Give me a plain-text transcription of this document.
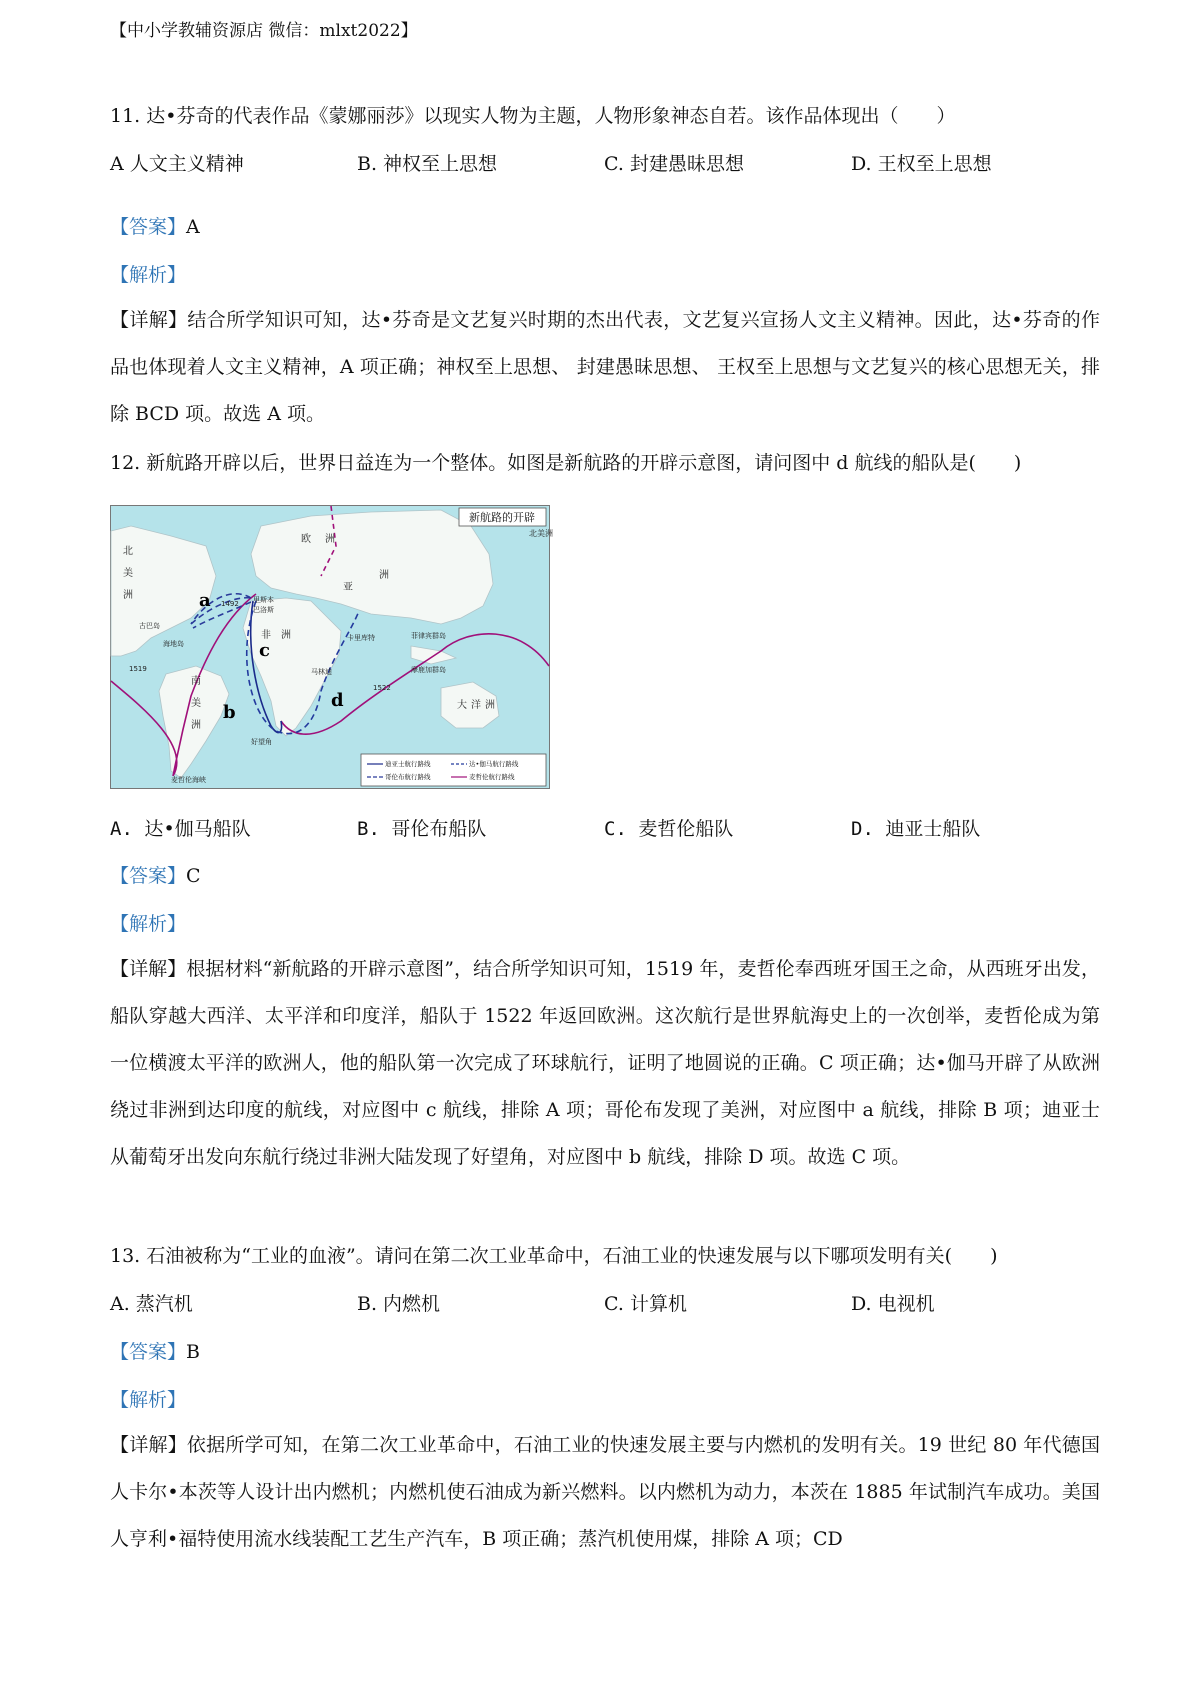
【中小学教辅资源店 微信：mlxt2022】
11. 达•芬奇的代表作品《蒙娜丽莎》以现实人物为主题，人物形象神态自若。该作品体现出（　　）
A 人文主义精神	B. 神权至上思想	C. 封建愚昧思想	D. 王权至上思想
【答案】A
【解析】
【详解】结合所学知识可知，达•芬奇是文艺复兴时期的杰出代表，文艺复兴宣扬人文主义精神。因此，达•芬奇的作品也体现着人文主义精神，A 项正确；神权至上思想、 封建愚昧思想、 王权至上思想与文艺复兴的核心思想无关，排除 BCD 项。故选 A 项。
12. 新航路开辟以后，世界日益连为一个整体。如图是新航路的开辟示意图，请问图中 d 航线的船队是(　　)
新航路的开辟
北
美
洲
欧 洲
亚
洲
非 洲
南
美
洲
大 洋 洲
北美洲
里斯本
巴洛斯
古巴岛
海地岛
马林迪
卡里库特	菲律宾群岛
摩鹿加群岛
好望角
麦哲伦海峡
1492
1519
1522
a
b
c
d
迪亚士航行路线	达•伽马航行路线
哥伦布航行路线	麦哲伦航行路线
A. 达•伽马船队	B. 哥伦布船队	C. 麦哲伦船队	D. 迪亚士船队
【答案】C
【解析】
【详解】根据材料“新航路的开辟示意图”，结合所学知识可知，1519 年，麦哲伦奉西班牙国王之命，从西班牙出发，船队穿越大西洋、太平洋和印度洋，船队于 1522 年返回欧洲。这次航行是世界航海史上的一次创举，麦哲伦成为第一位横渡太平洋的欧洲人，他的船队第一次完成了环球航行，证明了地圆说的正确。C 项正确；达•伽马开辟了从欧洲绕过非洲到达印度的航线，对应图中 c 航线，排除 A 项；哥伦布发现了美洲，对应图中 a 航线，排除 B 项；迪亚士从葡萄牙出发向东航行绕过非洲大陆发现了好望角，对应图中 b 航线，排除 D 项。故选 C 项。
13. 石油被称为“工业的血液”。请问在第二次工业革命中，石油工业的快速发展与以下哪项发明有关(　　)
A. 蒸汽机	B. 内燃机	C. 计算机	D. 电视机
【答案】B
【解析】
【详解】依据所学可知，在第二次工业革命中，石油工业的快速发展主要与内燃机的发明有关。19 世纪 80 年代德国人卡尔•本茨等人设计出内燃机；内燃机使石油成为新兴燃料。以内燃机为动力，本茨在 1885 年试制汽车成功。美国人亨利•福特使用流水线装配工艺生产汽车，B 项正确；蒸汽机使用煤，排除 A 项；CD
